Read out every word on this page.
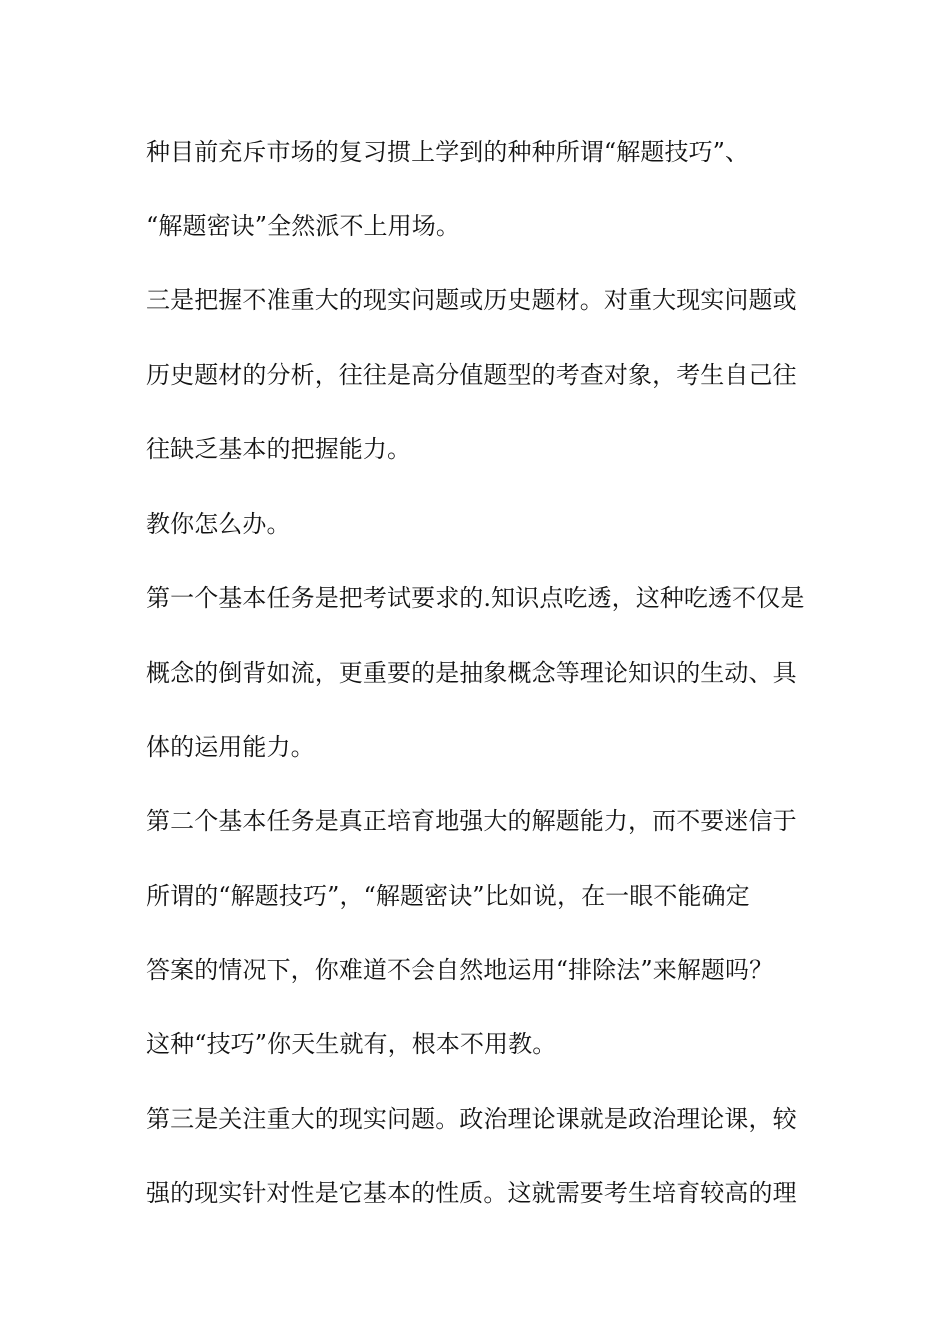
种目前充斥市场的复习掼上学到的种种所谓“解题技巧”、

“解题密诀”全然派不上用场。

三是把握不准重大的现实问题或历史题材。对重大现实问题或

历史题材的分析，往往是高分值题型的考查对象，考生自己往

往缺乏基本的把握能力。

教你怎么办。

第一个基本任务是把考试要求的.知识点吃透，这种吃透不仅是

概念的倒背如流，更重要的是抽象概念等理论知识的生动、具

体的运用能力。

第二个基本任务是真正培育地强大的解题能力，而不要迷信于

所谓的“解题技巧”，“解题密诀”比如说，在一眼不能确定

答案的情况下，你难道不会自然地运用“排除法”来解题吗？

这种“技巧”你天生就有，根本不用教。

第三是关注重大的现实问题。政治理论课就是政治理论课，较

强的现实针对性是它基本的性质。这就需要考生培育较高的理
